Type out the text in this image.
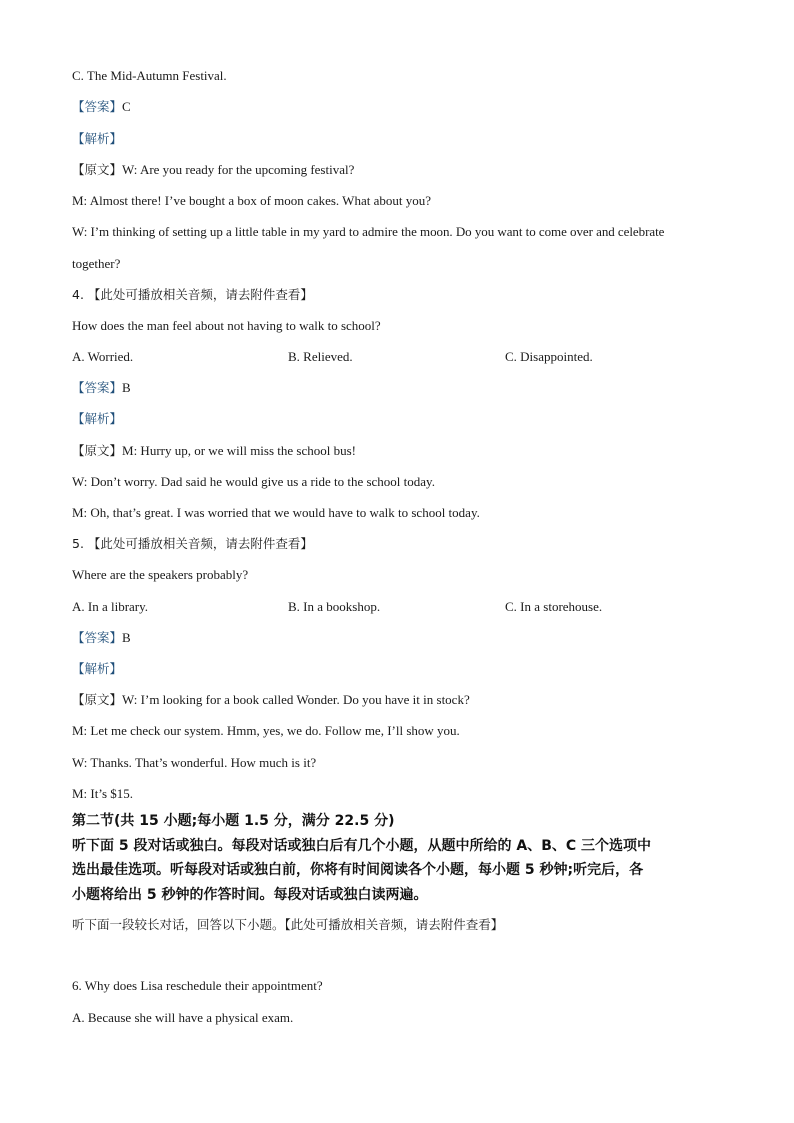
C. The Mid-Autumn Festival.
【答案】C
【解析】
【原文】W: Are you ready for the upcoming festival?
M: Almost there! I’ve bought a box of moon cakes. What about you?
W: I’m thinking of setting up a little table in my yard to admire the moon. Do you want to come over and celebrate
together?
4. 【此处可播放相关音频，请去附件查看】
How does the man feel about not having to walk to school?
A. Worried.	B. Relieved.	C. Disappointed.
【答案】B
【解析】
【原文】M: Hurry up, or we will miss the school bus!
W: Don’t worry. Dad said he would give us a ride to the school today.
M: Oh, that’s great. I was worried that we would have to walk to school today.
5. 【此处可播放相关音频，请去附件查看】
Where are the speakers probably?
A. In a library.	B. In a bookshop.	C. In a storehouse.
【答案】B
【解析】
【原文】W: I’m looking for a book called Wonder. Do you have it in stock?
M: Let me check our system. Hmm, yes, we do. Follow me, I’ll show you.
W: Thanks. That’s wonderful. How much is it?
M: It’s $15.
第二节(共 15 小题;每小题 1.5 分，满分 22.5 分)
听下面 5 段对话或独白。每段对话或独白后有几个小题，从题中所给的 A、B、C 三个选项中
选出最佳选项。听每段对话或独白前，你将有时间阅读各个小题，每小题 5 秒钟;听完后，各
小题将给出 5 秒钟的作答时间。每段对话或独白读两遍。
听下面一段较长对话，回答以下小题。【此处可播放相关音频，请去附件查看】
6. Why does Lisa reschedule their appointment?
A. Because she will have a physical exam.
